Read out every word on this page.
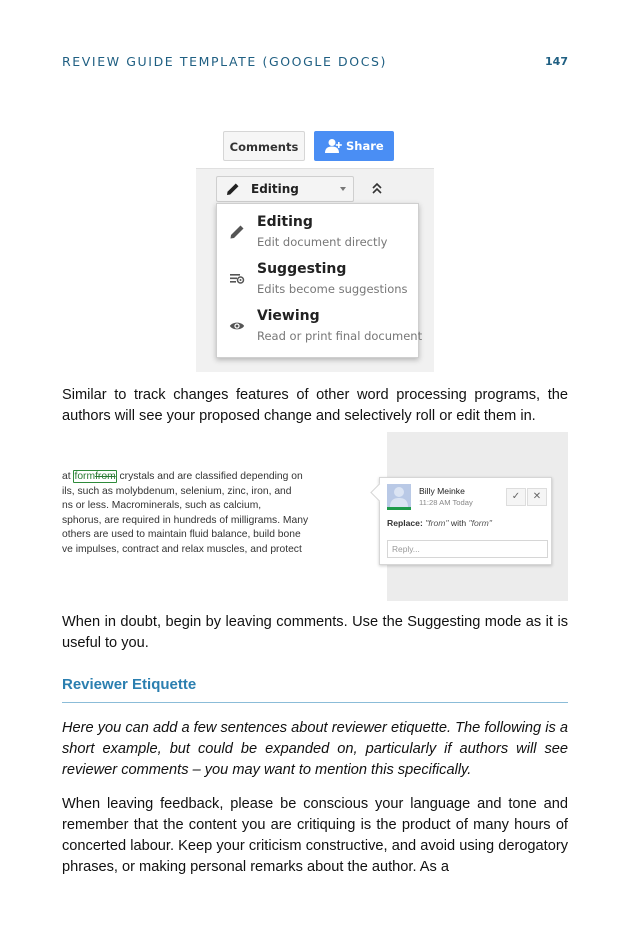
REVIEW GUIDE TEMPLATE (GOOGLE DOCS)	147
Comments	Share
Editing
Editing
Edit document directly
Suggesting
Edits become suggestions
Viewing
Read or print final document

Similar to track changes features of other word processing programs, the authors will see your proposed change and selectively roll or edit them in.

at formfrom crystals and are classified depending on
ils, such as molybdenum, selenium, zinc, iron, and
ns or less. Macrominerals, such as calcium,
sphorus, are required in hundreds of milligrams. Many
others are used to maintain fluid balance, build bone
ve impulses, contract and relax muscles, and protect
Billy Meinke
11:28 AM Today
✓	✕
Replace: "from" with "form"
Reply...

When in doubt, begin by leaving comments. Use the Suggesting mode as it is useful to you.

Reviewer Etiquette

Here you can add a few sentences about reviewer etiquette. The following is a short example, but could be expanded on, particularly if authors will see reviewer comments – you may want to mention this specifically.

When leaving feedback, please be conscious your language and tone and remember that the content you are critiquing is the product of many hours of concerted labour. Keep your criticism constructive, and avoid using derogatory phrases, or making personal remarks about the author. As a
